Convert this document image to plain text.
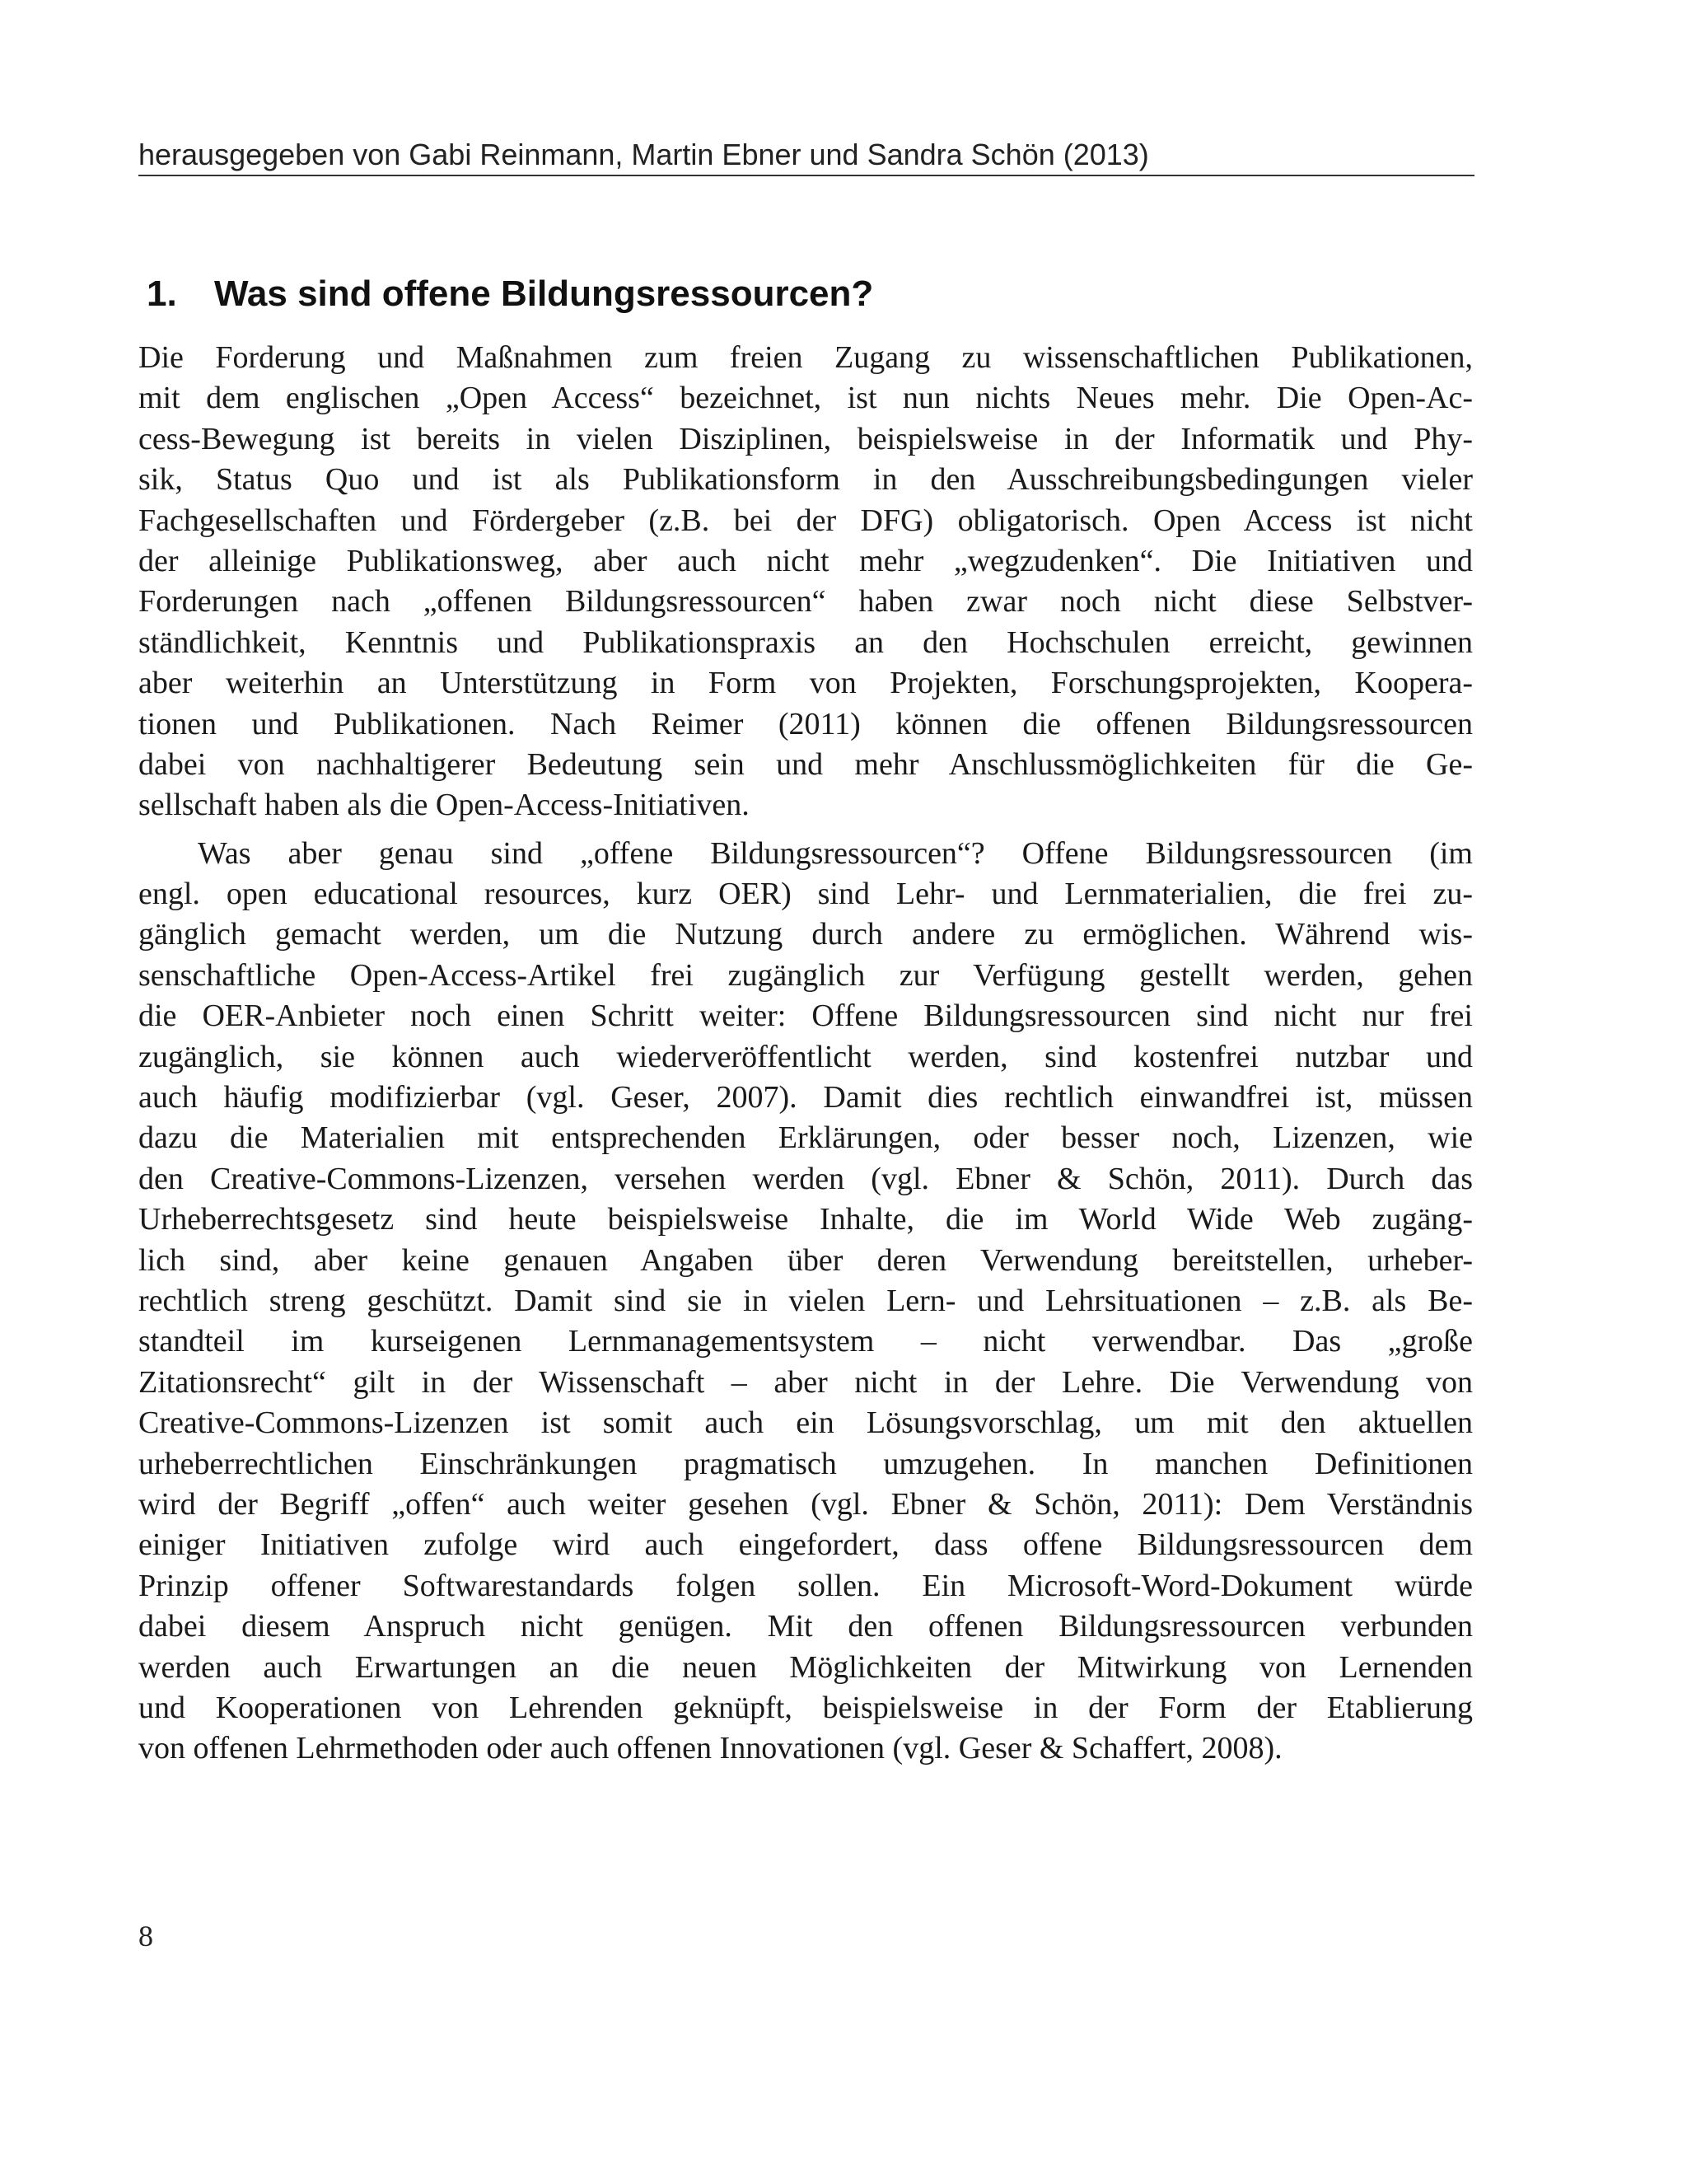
herausgegeben von Gabi Reinmann, Martin Ebner und Sandra Schön (2013)
1. Was sind offene Bildungsressourcen?
Die Forderung und Maßnahmen zum freien Zugang zu wissenschaftlichen Publikationen,
mit dem englischen „Open Access“ bezeichnet, ist nun nichts Neues mehr. Die Open-Ac-
cess-Bewegung ist bereits in vielen Disziplinen, beispielsweise in der Informatik und Phy-
sik, Status Quo und ist als Publikationsform in den Ausschreibungsbedingungen vieler
Fachgesellschaften und Fördergeber (z.B. bei der DFG) obligatorisch. Open Access ist nicht
der alleinige Publikationsweg, aber auch nicht mehr „wegzudenken“. Die Initiativen und
Forderungen nach „offenen Bildungsressourcen“ haben zwar noch nicht diese Selbstver-
ständlichkeit, Kenntnis und Publikationspraxis an den Hochschulen erreicht, gewinnen
aber weiterhin an Unterstützung in Form von Projekten, Forschungsprojekten, Koopera-
tionen und Publikationen. Nach Reimer (2011) können die offenen Bildungsressourcen
dabei von nachhaltigerer Bedeutung sein und mehr Anschlussmöglichkeiten für die Ge-
sellschaft haben als die Open-Access-Initiativen.
Was aber genau sind „offene Bildungsressourcen“? Offene Bildungsressourcen (im
engl. open educational resources, kurz OER) sind Lehr- und Lernmaterialien, die frei zu-
gänglich gemacht werden, um die Nutzung durch andere zu ermöglichen. Während wis-
senschaftliche Open-Access-Artikel frei zugänglich zur Verfügung gestellt werden, gehen
die OER-Anbieter noch einen Schritt weiter: Offene Bildungsressourcen sind nicht nur frei
zugänglich, sie können auch wiederveröffentlicht werden, sind kostenfrei nutzbar und
auch häufig modifizierbar (vgl. Geser, 2007). Damit dies rechtlich einwandfrei ist, müssen
dazu die Materialien mit entsprechenden Erklärungen, oder besser noch, Lizenzen, wie
den Creative-Commons-Lizenzen, versehen werden (vgl. Ebner & Schön, 2011). Durch das
Urheberrechtsgesetz sind heute beispielsweise Inhalte, die im World Wide Web zugäng-
lich sind, aber keine genauen Angaben über deren Verwendung bereitstellen, urheber-
rechtlich streng geschützt. Damit sind sie in vielen Lern- und Lehrsituationen – z.B. als Be-
standteil im kurseigenen Lernmanagementsystem – nicht verwendbar. Das „große
Zitationsrecht“ gilt in der Wissenschaft – aber nicht in der Lehre. Die Verwendung von
Creative-Commons-Lizenzen ist somit auch ein Lösungsvorschlag, um mit den aktuellen
urheberrechtlichen Einschränkungen pragmatisch umzugehen. In manchen Definitionen
wird der Begriff „offen“ auch weiter gesehen (vgl. Ebner & Schön, 2011): Dem Verständnis
einiger Initiativen zufolge wird auch eingefordert, dass offene Bildungsressourcen dem
Prinzip offener Softwarestandards folgen sollen. Ein Microsoft-Word-Dokument würde
dabei diesem Anspruch nicht genügen. Mit den offenen Bildungsressourcen verbunden
werden auch Erwartungen an die neuen Möglichkeiten der Mitwirkung von Lernenden
und Kooperationen von Lehrenden geknüpft, beispielsweise in der Form der Etablierung
von offenen Lehrmethoden oder auch offenen Innovationen (vgl. Geser & Schaffert, 2008).
8
